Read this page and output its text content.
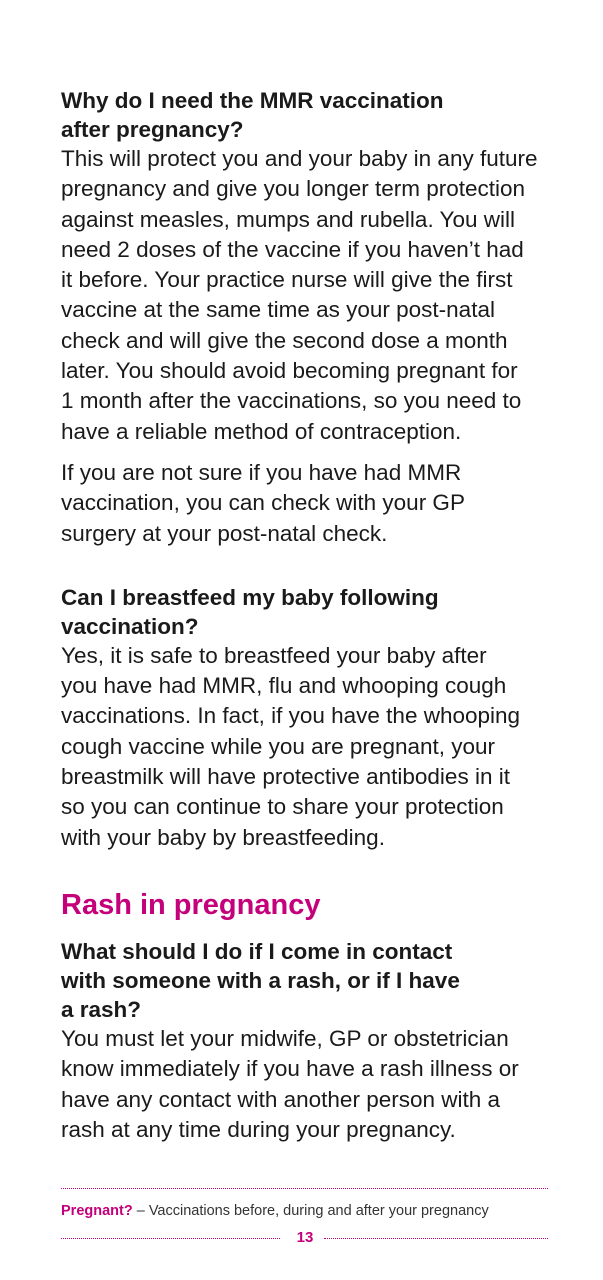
Why do I need the MMR vaccination
after pregnancy?
This will protect you and your baby in any future
pregnancy and give you longer term protection
against measles, mumps and rubella. You will
need 2 doses of the vaccine if you haven’t had
it before. Your practice nurse will give the first
vaccine at the same time as your post-natal
check and will give the second dose a month
later. You should avoid becoming pregnant for
1 month after the vaccinations, so you need to
have a reliable method of contraception.
If you are not sure if you have had MMR
vaccination, you can check with your GP
surgery at your post-natal check.
Can I breastfeed my baby following
vaccination?
Yes, it is safe to breastfeed your baby after
you have had MMR, flu and whooping cough
vaccinations. In fact, if you have the whooping
cough vaccine while you are pregnant, your
breastmilk will have protective antibodies in it
so you can continue to share your protection
with your baby by breastfeeding.
Rash in pregnancy
What should I do if I come in contact
with someone with a rash, or if I have
a rash?
You must let your midwife, GP or obstetrician
know immediately if you have a rash illness or
have any contact with another person with a
rash at any time during your pregnancy.
Pregnant? – Vaccinations before, during and after your pregnancy
13
